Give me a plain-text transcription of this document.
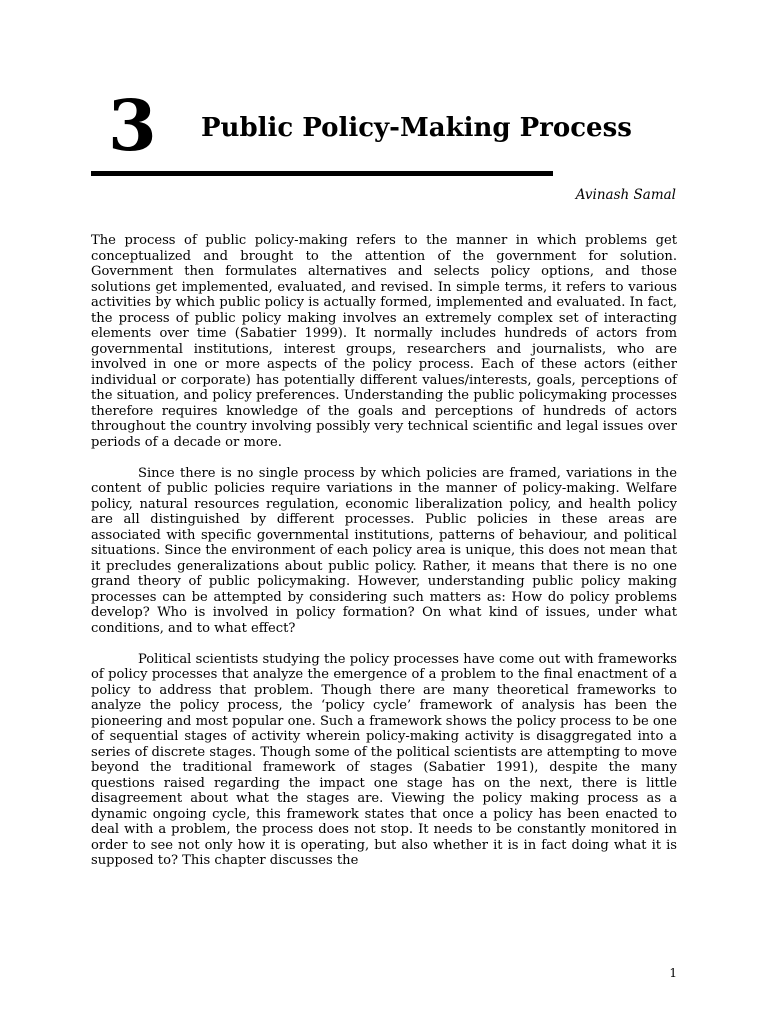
3 Public Policy-Making Process
Avinash Samal

The process of public policy-making refers to the manner in which problems get conceptualized and brought to the attention of the government for solution. Government then formulates alternatives and selects policy options, and those solutions get implemented, evaluated, and revised. In simple terms, it refers to various activities by which public policy is actually formed, implemented and evaluated. In fact, the process of public policy making involves an extremely complex set of interacting elements over time (Sabatier 1999). It normally includes hundreds of actors from governmental institutions, interest groups, researchers and journalists, who are involved in one or more aspects of the policy process. Each of these actors (either individual or corporate) has potentially different values/interests, goals, perceptions of the situation, and policy preferences. Understanding the public policymaking processes therefore requires knowledge of the goals and perceptions of hundreds of actors throughout the country involving possibly very technical scientific and legal issues over periods of a decade or more.

Since there is no single process by which policies are framed, variations in the content of public policies require variations in the manner of policy-making. Welfare policy, natural resources regulation, economic liberalization policy, and health policy are all distinguished by different processes. Public policies in these areas are associated with specific governmental institutions, patterns of behaviour, and political situations. Since the environment of each policy area is unique, this does not mean that it precludes generalizations about public policy. Rather, it means that there is no one grand theory of public policymaking. However, understanding public policy making processes can be attempted by considering such matters as: How do policy problems develop? Who is involved in policy formation? On what kind of issues, under what conditions, and to what effect?

Political scientists studying the policy processes have come out with frameworks of policy processes that analyze the emergence of a problem to the final enactment of a policy to address that problem. Though there are many theoretical frameworks to analyze the policy process, the ‘policy cycle’ framework of analysis has been the pioneering and most popular one. Such a framework shows the policy process to be one of sequential stages of activity wherein policy-making activity is disaggregated into a series of discrete stages. Though some of the political scientists are attempting to move beyond the traditional framework of stages (Sabatier 1991), despite the many questions raised regarding the impact one stage has on the next, there is little disagreement about what the stages are. Viewing the policy making process as a dynamic ongoing cycle, this framework states that once a policy has been enacted to deal with a problem, the process does not stop. It needs to be constantly monitored in order to see not only how it is operating, but also whether it is in fact doing what it is supposed to? This chapter discusses the

1
